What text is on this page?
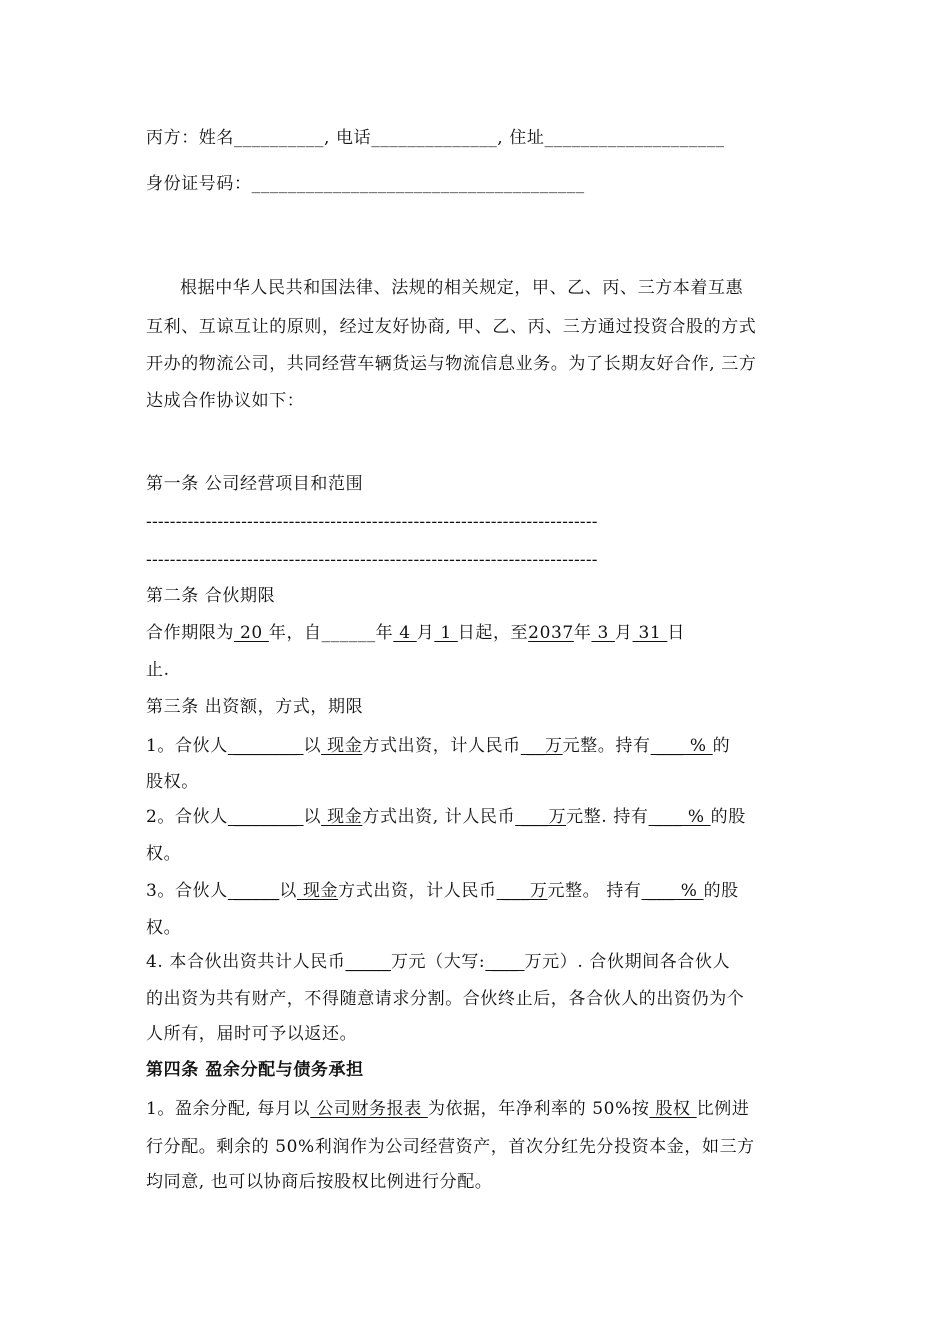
丙方：姓名__________, 电话______________, 住址____________________
身份证号码：_____________________________________
根据中华人民共和国法律、法规的相关规定，甲、乙、丙、三方本着互惠
互利、互谅互让的原则，经过友好协商, 甲、乙、丙、三方通过投资合股的方式
开办的物流公司，共同经营车辆货运与物流信息业务。为了长期友好合作, 三方
达成合作协议如下：
第一条 公司经营项目和范围
----------------------------------------------------------------------------
----------------------------------------------------------------------------
第二条 合伙期限
合作期限为 20 年，自______年 4 月 1 日起，至2037年 3 月 31 日
止.
第三条 出资额，方式，期限
1。合伙人 _______ 以 现金方式出资，计人民币 __万元整。持有 ___ % 的
股权。
2。合伙人 _______ 以 现金方式出资, 计人民币 ___万元整. 持有 ___ % 的股
权。
3。合伙人 _____以 现金方式出资，计人民币 ___万元整。 持有 ___ % 的股
权。
4. 本合伙出资共计人民币_____万元（大写: ___ 万元）. 合伙期间各合伙人
的出资为共有财产，不得随意请求分割。合伙终止后，各合伙人的出资仍为个
人所有，届时可予以返还。
第四条 盈余分配与债务承担
1。盈余分配, 每月以 公司财务报表 为依据，年净利率的 50%按 股权 比例进
行分配。剩余的 50%利润作为公司经营资产，首次分红先分投资本金，如三方
均同意, 也可以协商后按股权比例进行分配。
